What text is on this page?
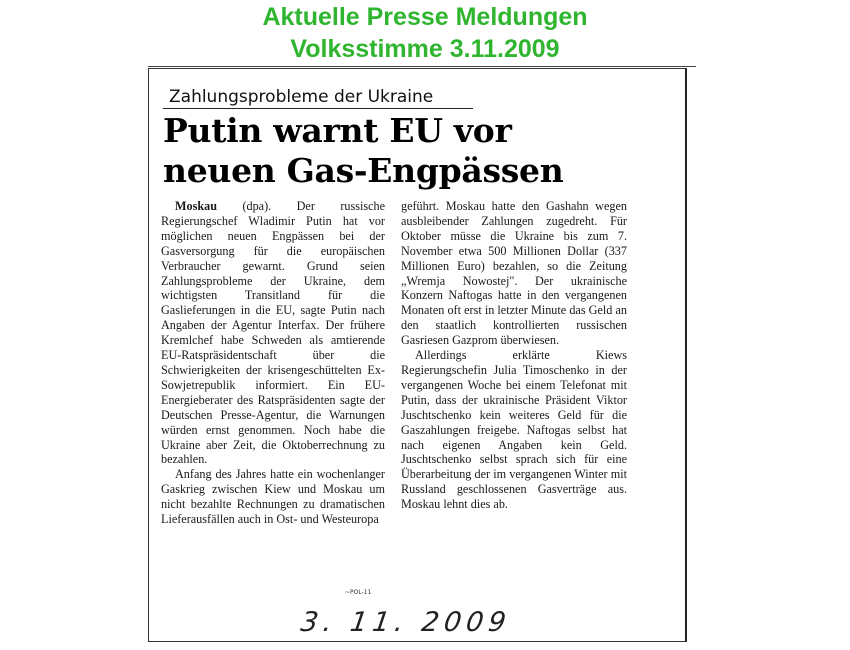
Aktuelle Presse Meldungen
Volksstimme 3.11.2009
Zahlungsprobleme der Ukraine
Putin warnt EU vor
neuen Gas-Engpässen

Moskau (dpa). Der russische Regierungschef Wladimir Putin hat vor möglichen neuen Engpässen bei der Gasversorgung für die europäischen Verbraucher gewarnt. Grund seien Zahlungsprobleme der Ukraine, dem wichtigsten Transitland für die Gaslieferungen in die EU, sagte Putin nach Angaben der Agentur Interfax. Der frühere Kremlchef habe Schweden als amtierende EU-Ratspräsidentschaft über die Schwierigkeiten der krisengeschüttelten Ex-Sowjetrepublik informiert. Ein EU-Energieberater des Ratspräsidenten sagte der Deutschen Presse-Agentur, die Warnungen würden ernst genommen. Noch habe die Ukraine aber Zeit, die Oktoberrechnung zu bezahlen.

Anfang des Jahres hatte ein wochenlanger Gaskrieg zwischen Kiew und Moskau um nicht bezahlte Rechnungen zu dramatischen Lieferausfällen auch in Ost- und Westeuropa

geführt. Moskau hatte den Gashahn wegen ausbleibender Zahlungen zugedreht. Für Oktober müsse die Ukraine bis zum 7. November etwa 500 Millionen Dollar (337 Millionen Euro) bezahlen, so die Zeitung „Wremja Nowostej". Der ukrainische Konzern Naftogas hatte in den vergangenen Monaten oft erst in letzter Minute das Geld an den staatlich kontrollierten russischen Gasriesen Gazprom überwiesen.

Allerdings erklärte Kiews Regierungschefin Julia Timoschenko in der vergangenen Woche bei einem Telefonat mit Putin, dass der ukrainische Präsident Viktor Juschtschenko kein weiteres Geld für die Gaszahlungen freigebe. Naftogas selbst hat nach eigenen Angaben kein Geld. Juschtschenko selbst sprach sich für eine Überarbeitung der im vergangenen Winter mit Russland geschlossenen Gasverträge aus. Moskau lehnt dies ab.

~POL-11
3. 11. 2009
